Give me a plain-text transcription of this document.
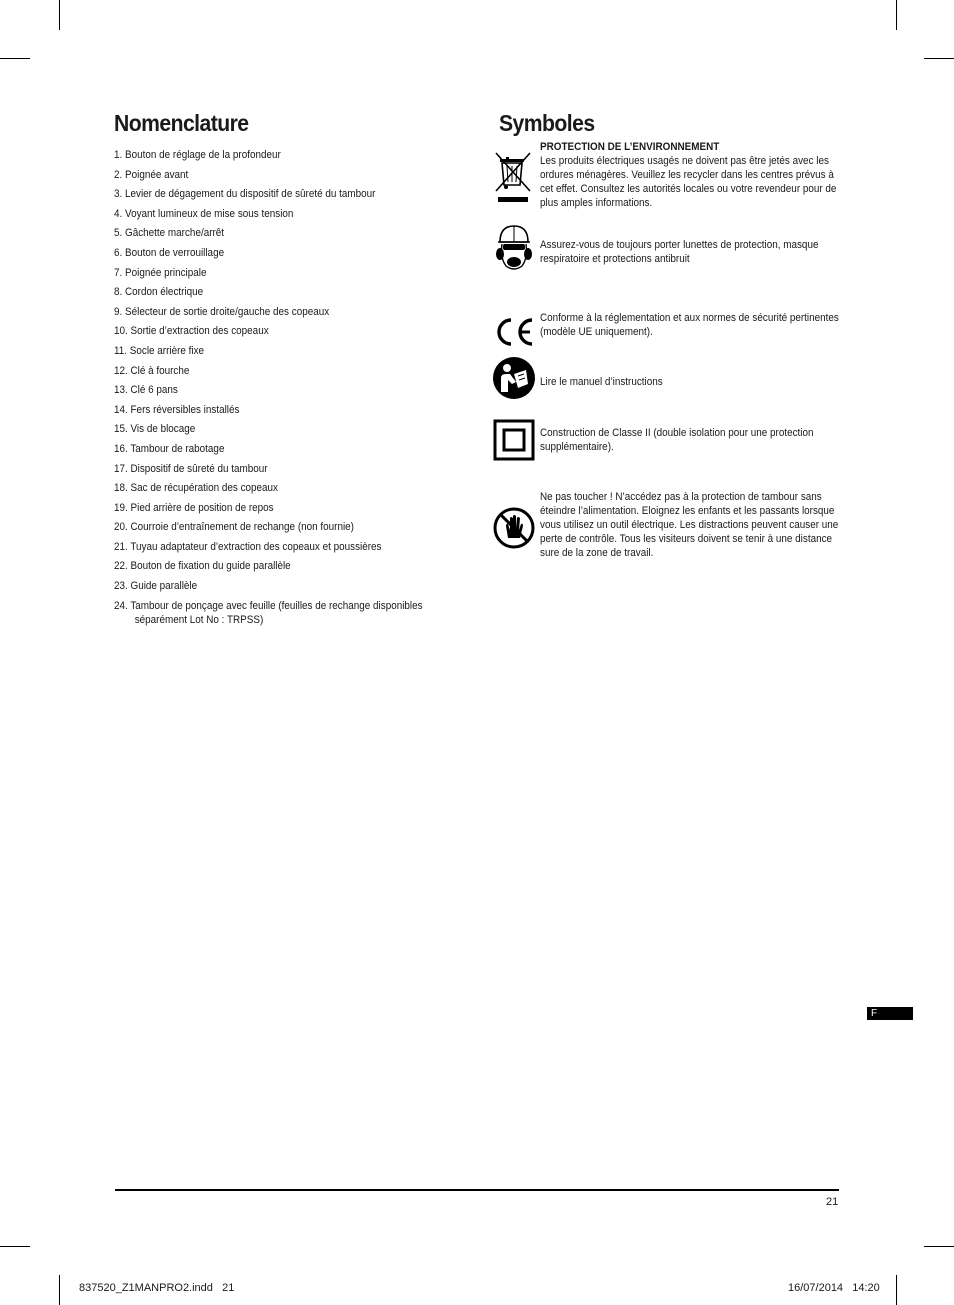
Nomenclature
1. Bouton de réglage de la profondeur
2. Poignée avant
3. Levier de dégagement du dispositif de sûreté du tambour
4. Voyant lumineux de mise sous tension
5. Gâchette marche/arrêt
6. Bouton de verrouillage
7. Poignée principale
8. Cordon électrique
9. Sélecteur de sortie droite/gauche des copeaux
10. Sortie d’extraction des copeaux
11. Socle arrière fixe
12. Clé à fourche
13. Clé 6 pans
14. Fers réversibles installés
15. Vis de blocage
16. Tambour de rabotage
17. Dispositif de sûreté du tambour
18. Sac de récupération des copeaux
19. Pied arrière de position de repos
20. Courroie d’entraînement de rechange (non fournie)
21. Tuyau adaptateur d’extraction des copeaux et poussières
22. Bouton de fixation du guide parallèle
23. Guide parallèle
24. Tambour de ponçage avec feuille (feuilles de rechange disponibles
séparément Lot No : TRPSS)
Symboles
PROTECTION DE L’ENVIRONNEMENT
Les produits électriques usagés ne doivent pas être jetés avec les ordures ménagères. Veuillez les recycler dans les centres prévus à cet effet. Consultez les autorités locales ou votre revendeur pour de plus amples informations.
Assurez-vous de toujours porter lunettes de protection, masque respiratoire et protections antibruit
Conforme à la réglementation et aux normes de sécurité pertinentes (modèle UE uniquement).
Lire le manuel d’instructions
Construction de Classe II (double isolation pour une protection supplémentaire).
Ne pas toucher ! N’accédez pas à la protection de tambour sans éteindre l’alimentation. Eloignez les enfants et les passants lorsque vous utilisez un outil électrique. Les distractions peuvent causer une perte de contrôle. Tous les visiteurs doivent se tenir à une distance sure de la zone de travail.
F
21
837520_Z1MANPRO2.indd   21	16/07/2014   14:20
